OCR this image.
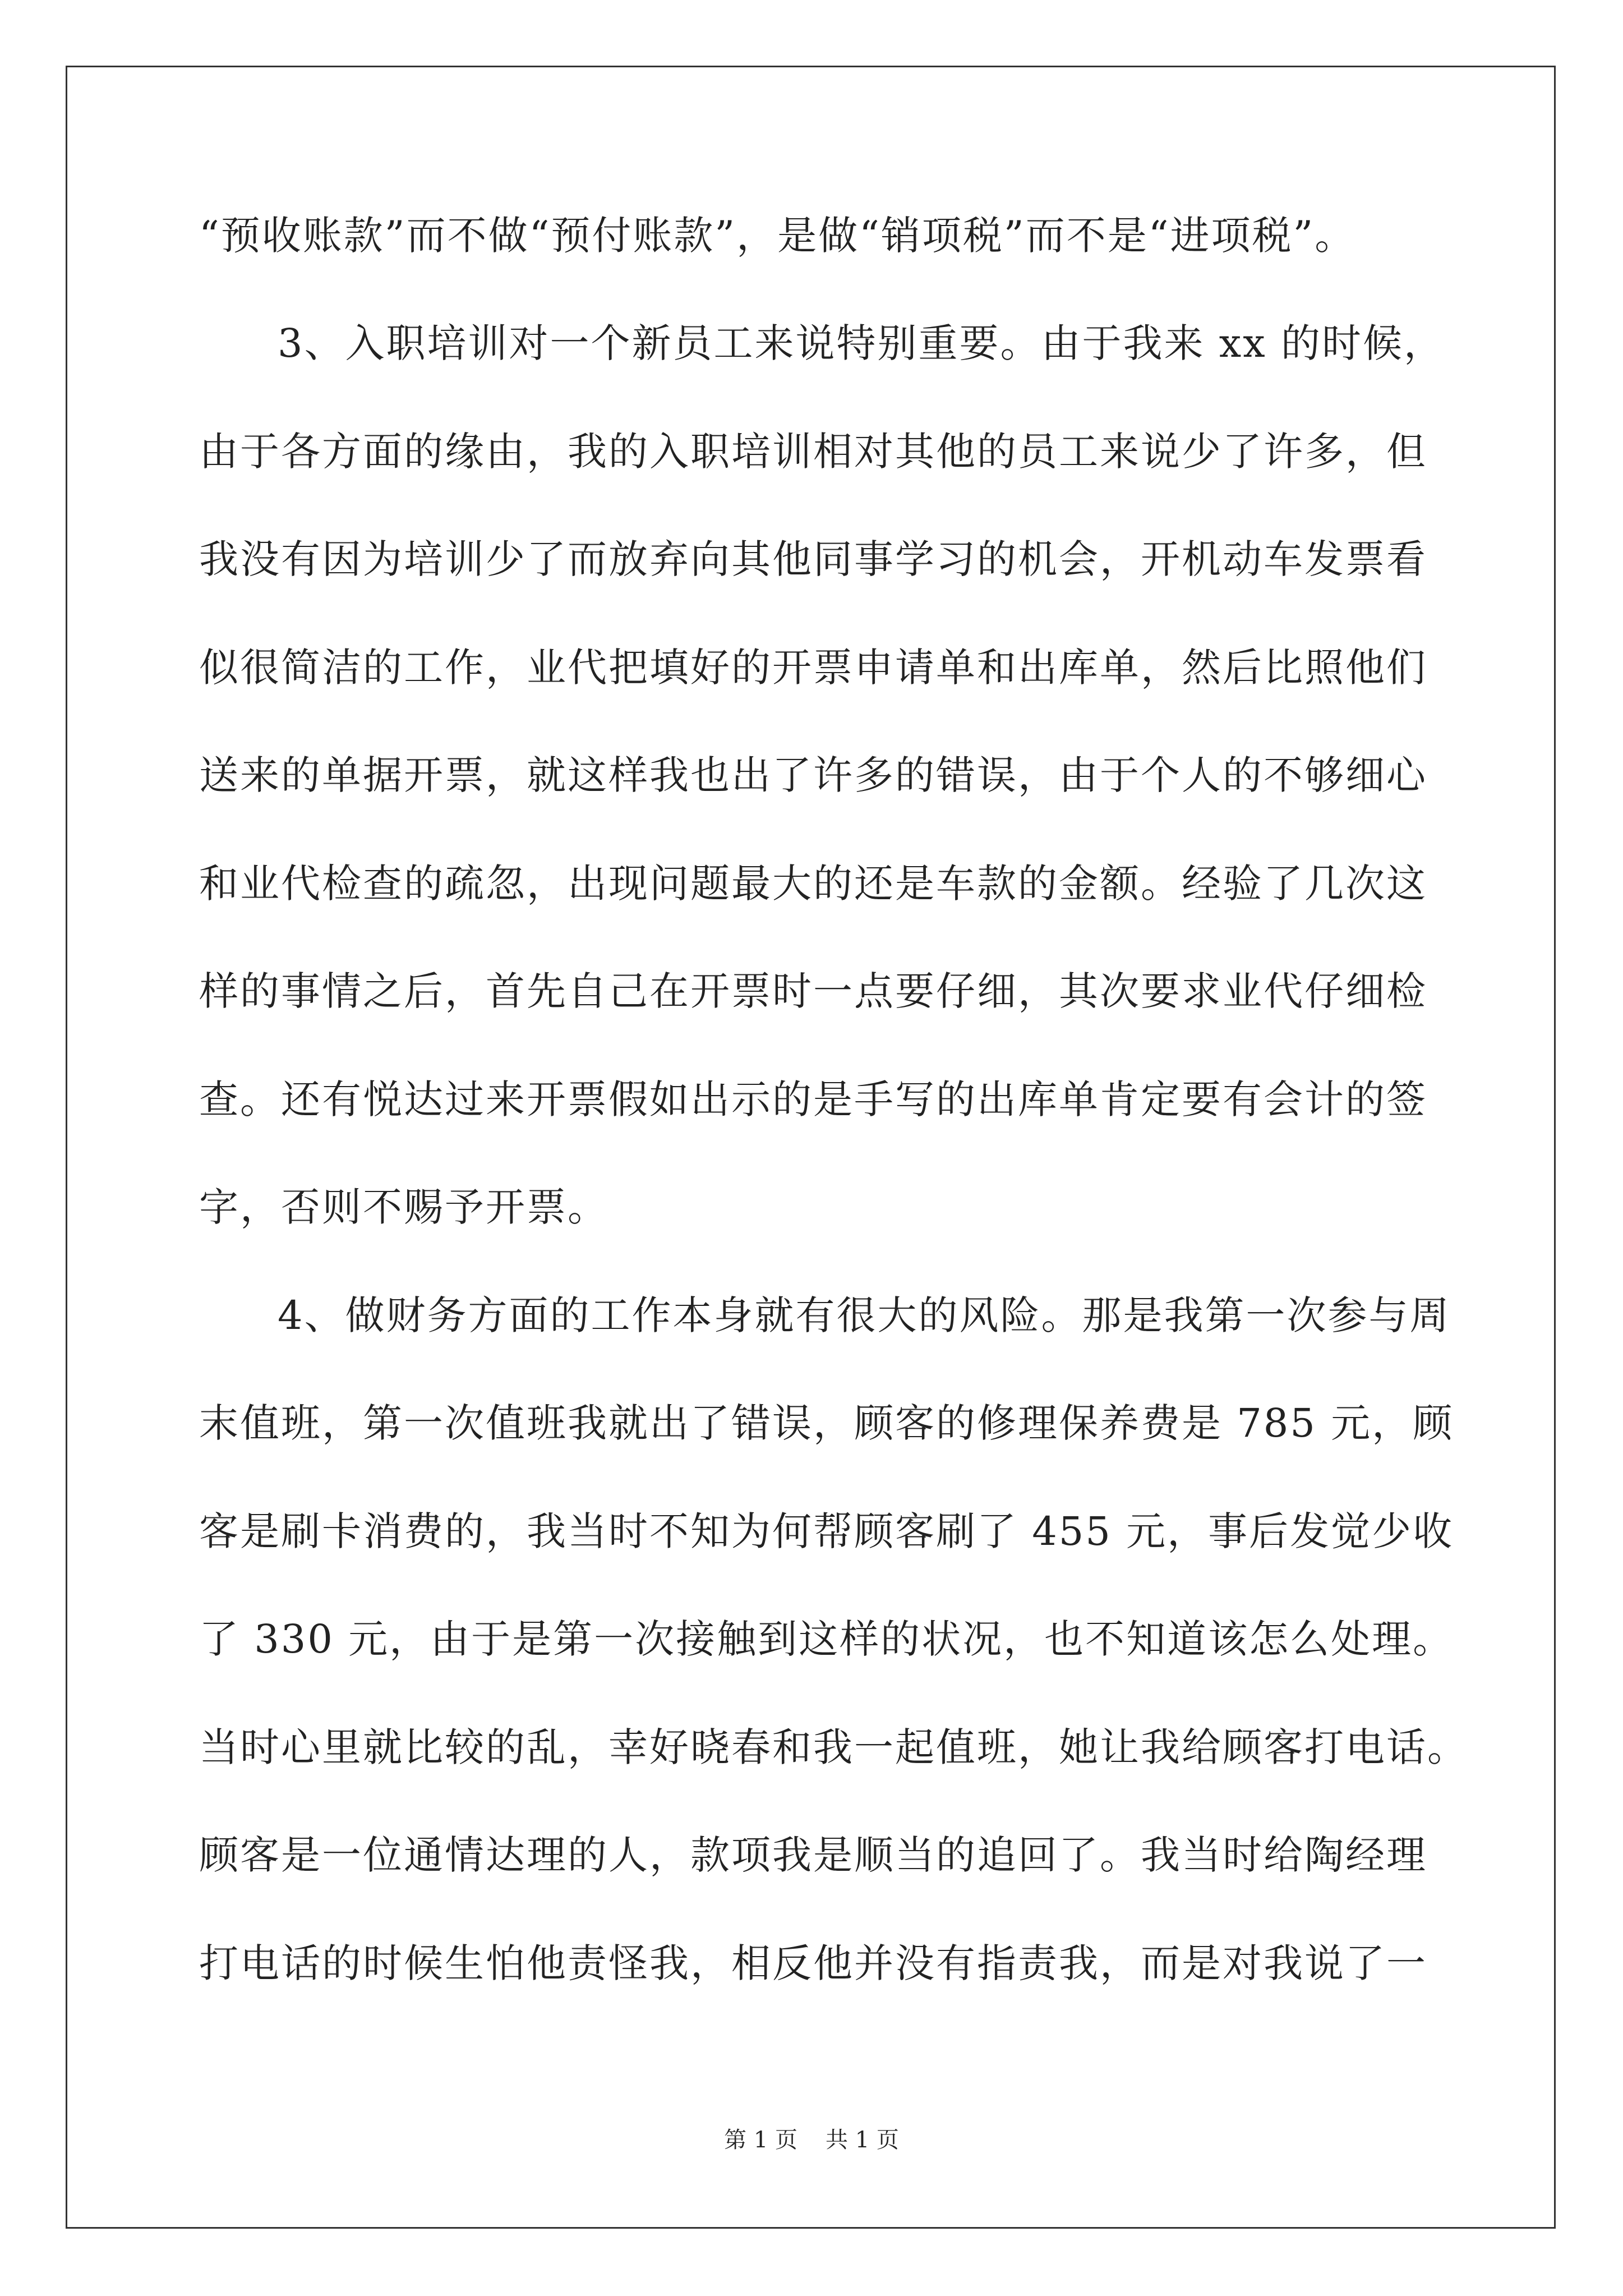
“预收账款”而不做“预付账款”，是做“销项税”而不是“进项税”。
3、入职培训对一个新员工来说特别重要。由于我来 xx 的时候，
由于各方面的缘由，我的入职培训相对其他的员工来说少了许多，但
我没有因为培训少了而放弃向其他同事学习的机会，开机动车发票看
似很简洁的工作，业代把填好的开票申请单和出库单，然后比照他们
送来的单据开票，就这样我也出了许多的错误，由于个人的不够细心
和业代检查的疏忽，出现问题最大的还是车款的金额。经验了几次这
样的事情之后，首先自己在开票时一点要仔细，其次要求业代仔细检
查。还有悦达过来开票假如出示的是手写的出库单肯定要有会计的签
字，否则不赐予开票。
4、做财务方面的工作本身就有很大的风险。那是我第一次参与周
末值班，第一次值班我就出了错误，顾客的修理保养费是 785 元，顾
客是刷卡消费的，我当时不知为何帮顾客刷了 455 元，事后发觉少收
了 330 元，由于是第一次接触到这样的状况，也不知道该怎么处理。
当时心里就比较的乱，幸好晓春和我一起值班，她让我给顾客打电话。
顾客是一位通情达理的人，款项我是顺当的追回了。我当时给陶经理
打电话的时候生怕他责怪我，相反他并没有指责我，而是对我说了一
第 1 页 共 1 页
